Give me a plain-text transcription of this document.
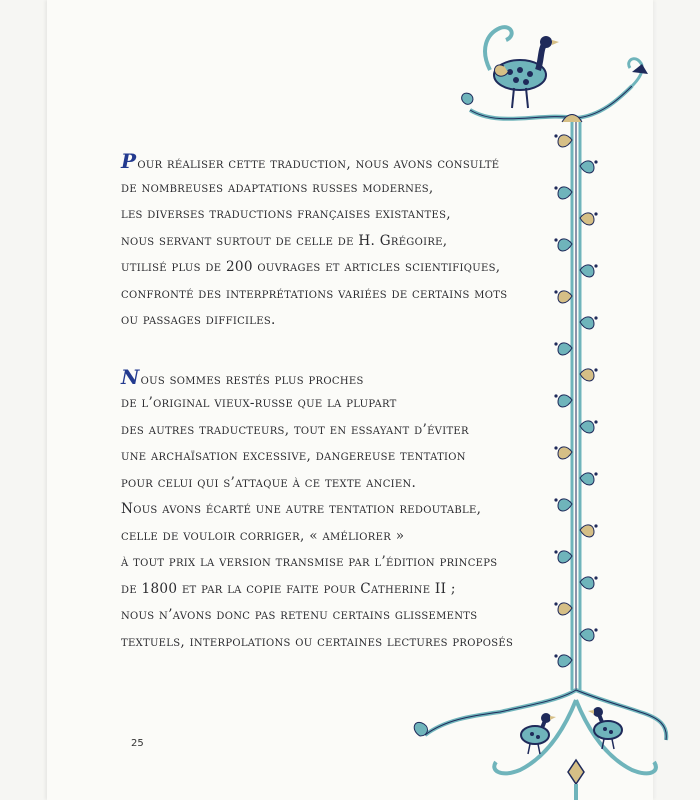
Pour réaliser cette traduction, nous avons consulté
de nombreuses adaptations russes modernes,
les diverses traductions françaises existantes,
nous servant surtout de celle de H. Grégoire,
utilisé plus de 200 ouvrages et articles scientifiques,
confronté des interprétations variées de certains mots
ou passages difficiles.
Nous sommes restés plus proches
de l’original vieux-russe que la plupart
des autres traducteurs, tout en essayant d’éviter
une archaïsation excessive, dangereuse tentation
pour celui qui s’attaque à ce texte ancien.
Nous avons écarté une autre tentation redoutable,
celle de vouloir corriger, « améliorer »
à tout prix la version transmise par l’édition princeps
de 1800 et par la copie faite pour Catherine II ;
nous n’avons donc pas retenu certains glissements
textuels, interpolations ou certaines lectures proposés
25
